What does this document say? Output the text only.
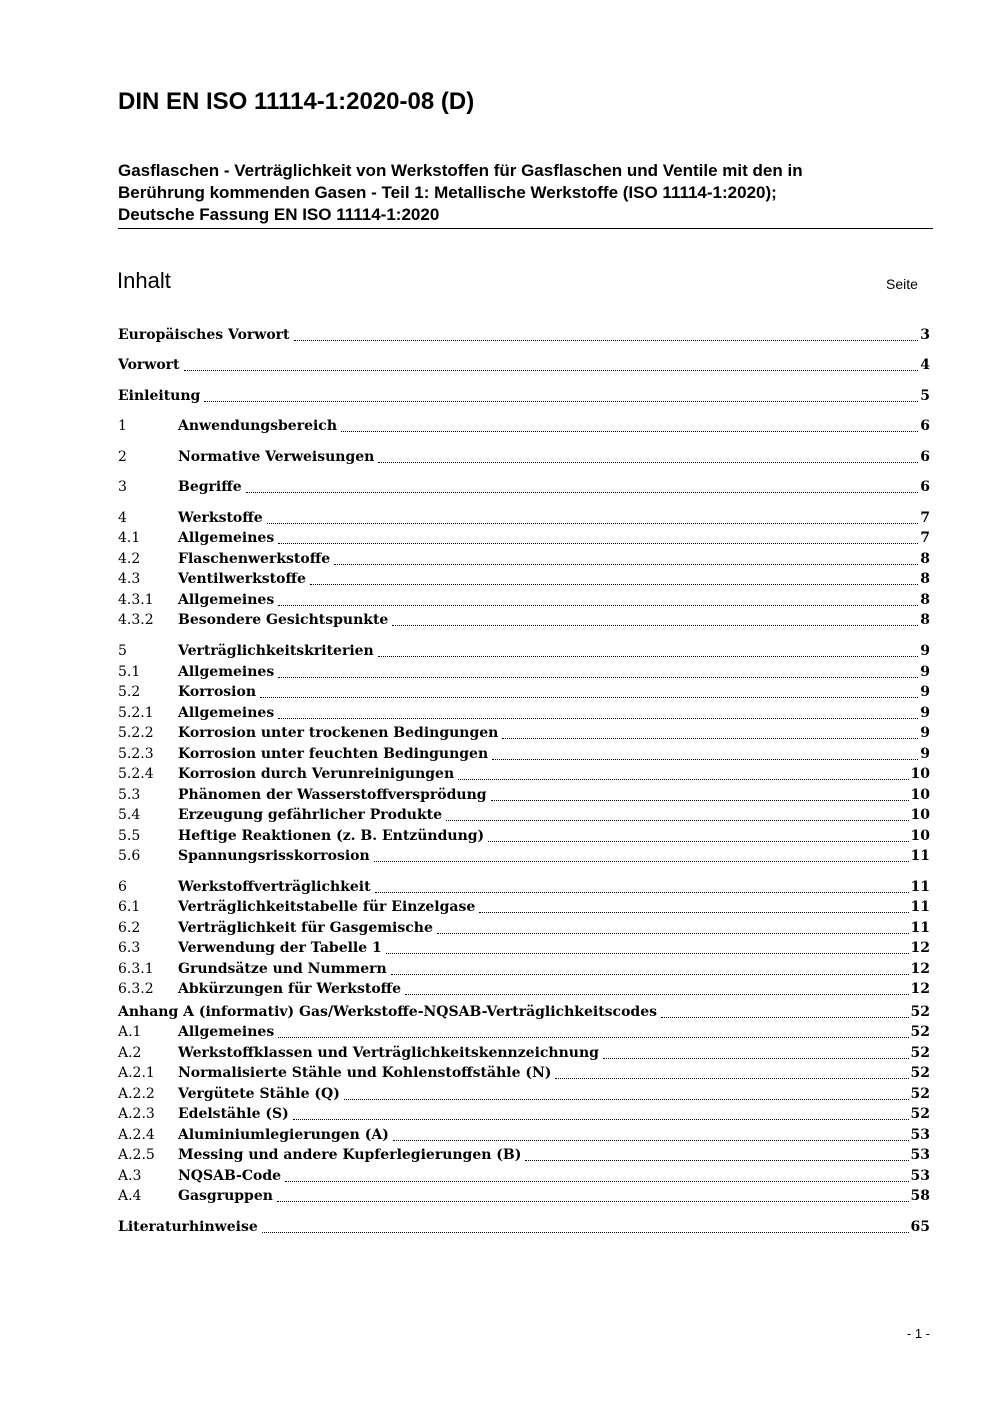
DIN EN ISO 11114-1:2020-08 (D)
Gasflaschen - Verträglichkeit von Werkstoffen für Gasflaschen und Ventile mit den in
Berührung kommenden Gasen - Teil 1: Metallische Werkstoffe (ISO 11114-1:2020);
Deutsche Fassung EN ISO 11114-1:2020
Inhalt	Seite
Europäisches Vorwort	3
Vorwort	4
Einleitung	5
1	Anwendungsbereich	6
2	Normative Verweisungen	6
3	Begriffe	6
4	Werkstoffe	7
4.1	Allgemeines	7
4.2	Flaschenwerkstoffe	8
4.3	Ventilwerkstoffe	8
4.3.1	Allgemeines	8
4.3.2	Besondere Gesichtspunkte	8
5	Verträglichkeitskriterien	9
5.1	Allgemeines	9
5.2	Korrosion	9
5.2.1	Allgemeines	9
5.2.2	Korrosion unter trockenen Bedingungen	9
5.2.3	Korrosion unter feuchten Bedingungen	9
5.2.4	Korrosion durch Verunreinigungen	10
5.3	Phänomen der Wasserstoffversprödung	10
5.4	Erzeugung gefährlicher Produkte	10
5.5	Heftige Reaktionen (z. B. Entzündung)	10
5.6	Spannungsrisskorrosion	11
6	Werkstoffverträglichkeit	11
6.1	Verträglichkeitstabelle für Einzelgase	11
6.2	Verträglichkeit für Gasgemische	11
6.3	Verwendung der Tabelle 1	12
6.3.1	Grundsätze und Nummern	12
6.3.2	Abkürzungen für Werkstoffe	12
Anhang A (informativ) Gas/Werkstoffe-NQSAB-Verträglichkeitscodes	52
A.1	Allgemeines	52
A.2	Werkstoffklassen und Verträglichkeitskennzeichnung	52
A.2.1	Normalisierte Stähle und Kohlenstoffstähle (N)	52
A.2.2	Vergütete Stähle (Q)	52
A.2.3	Edelstähle (S)	52
A.2.4	Aluminiumlegierungen (A)	53
A.2.5	Messing und andere Kupferlegierungen (B)	53
A.3	NQSAB-Code	53
A.4	Gasgruppen	58
Literaturhinweise	65
- 1 -
